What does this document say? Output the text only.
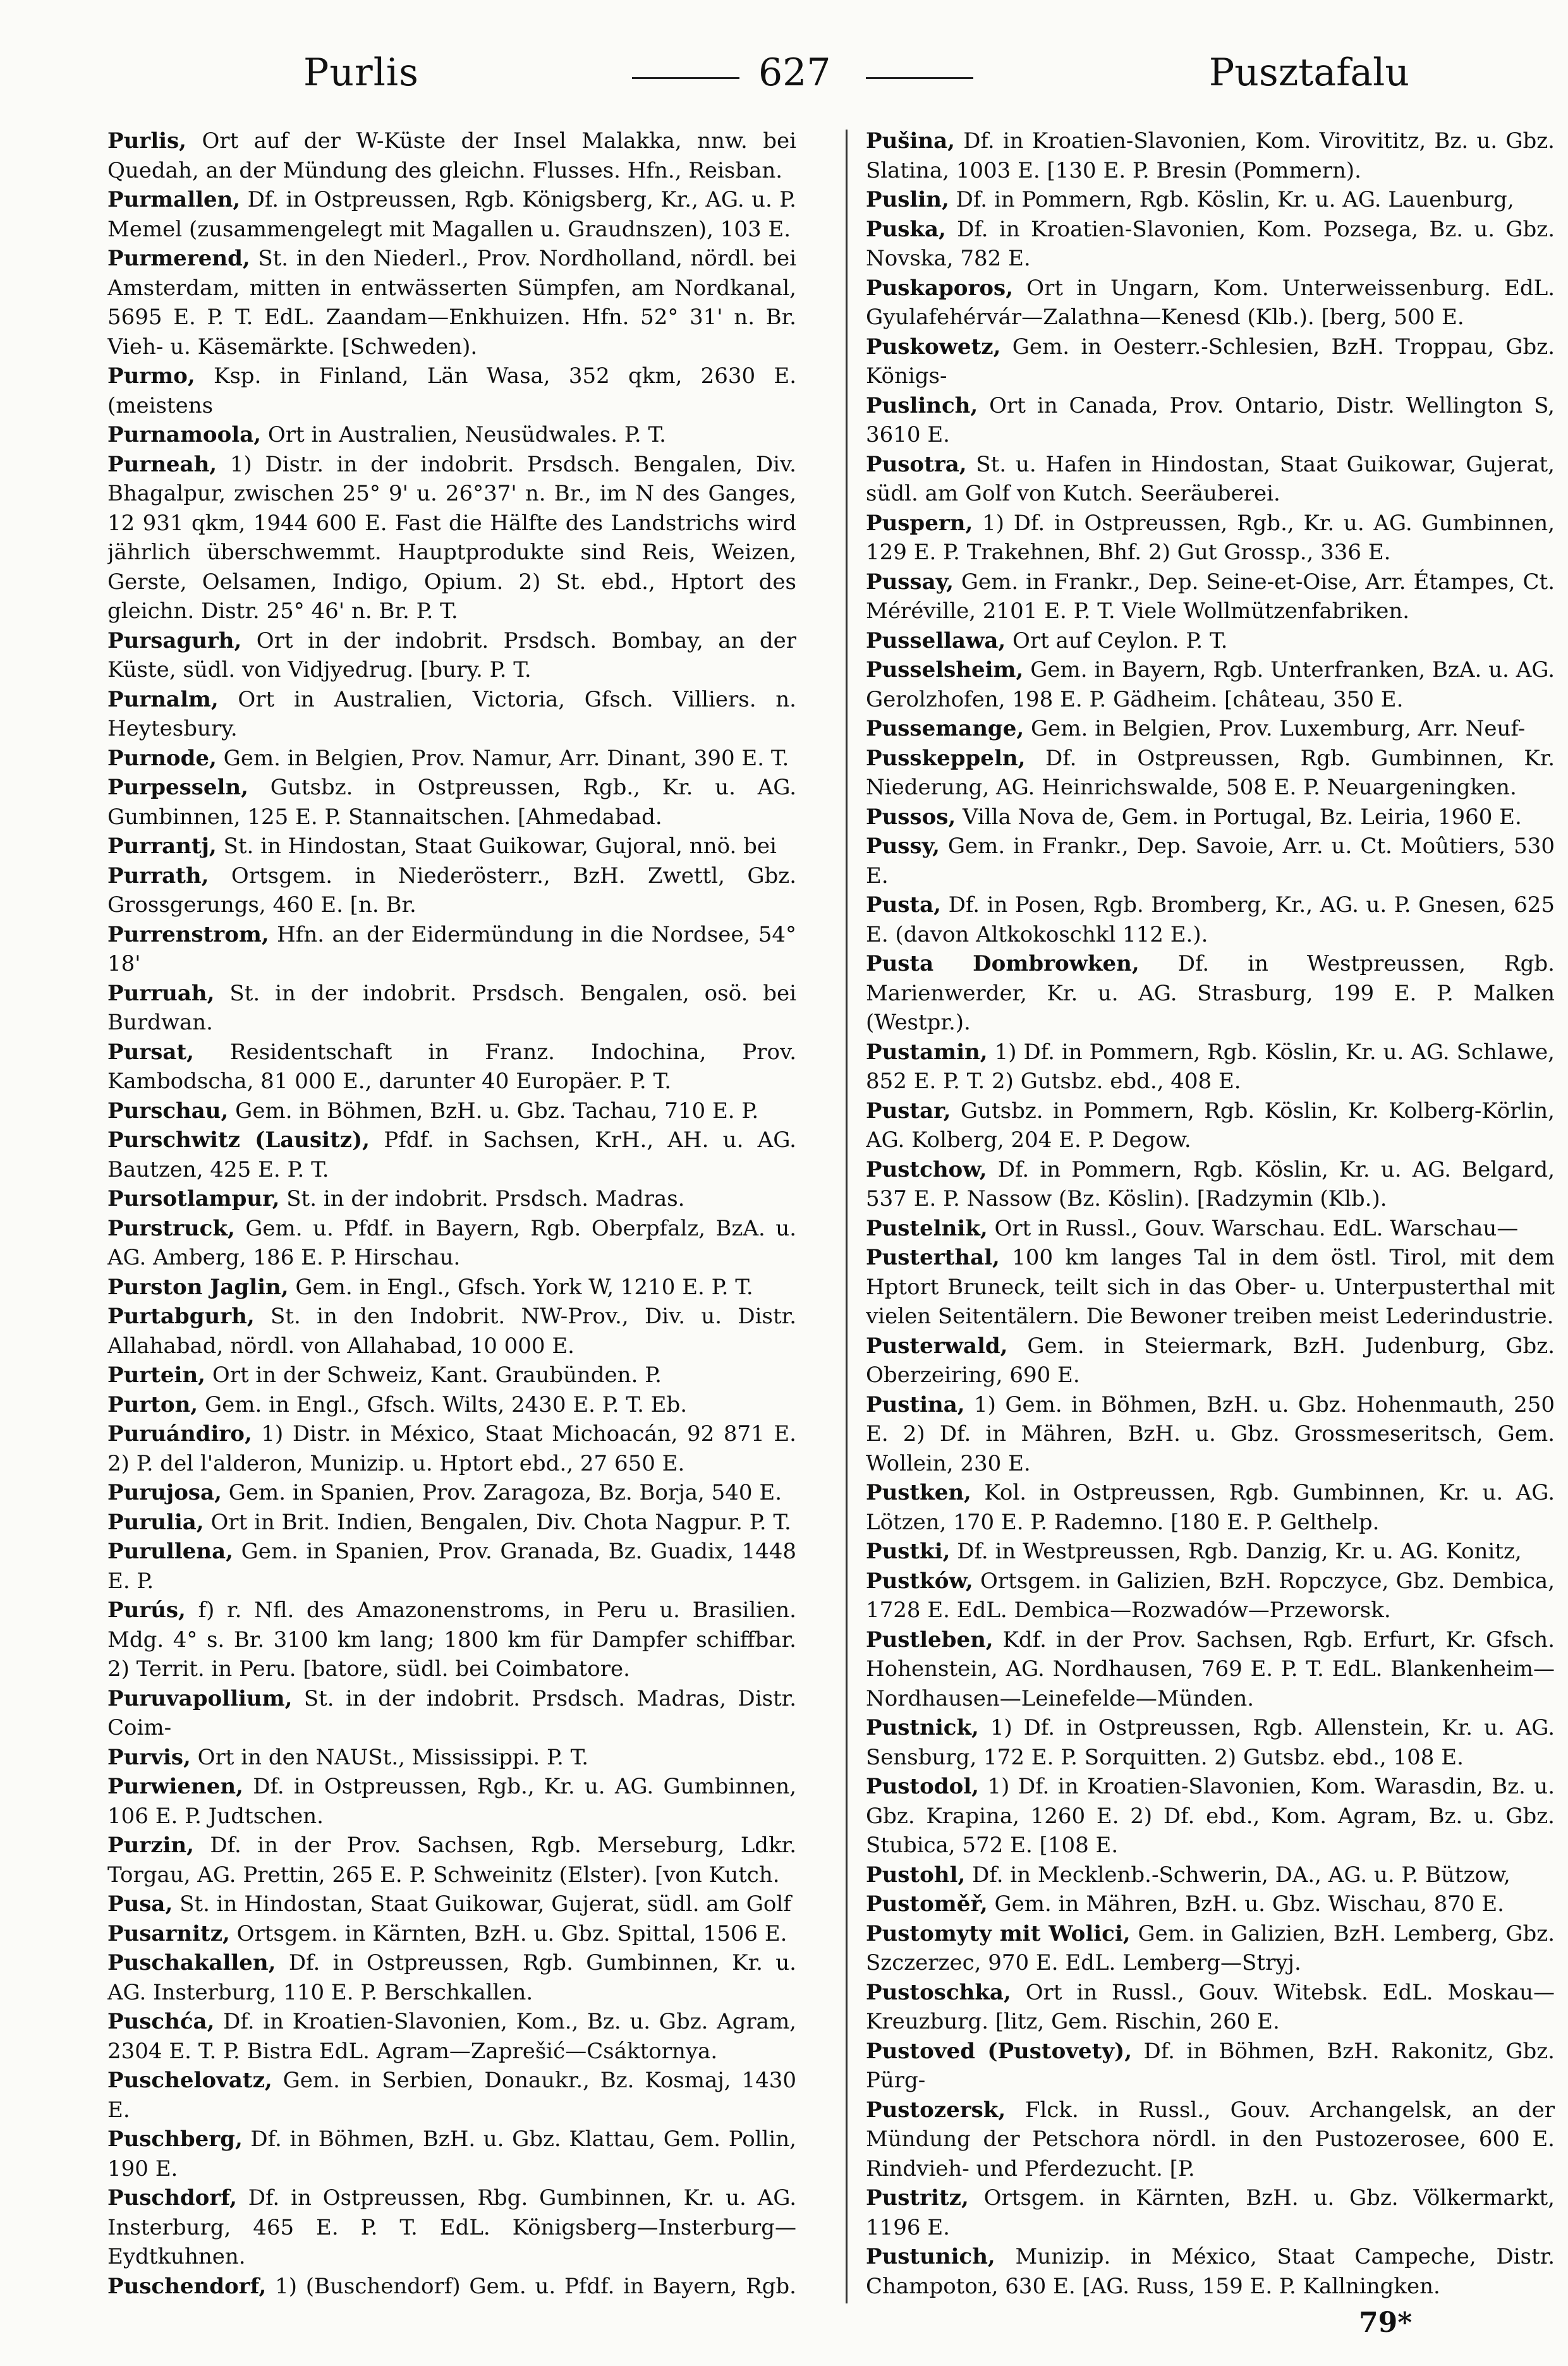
Purlis	627	Pusztafalu

Purlis, Ort auf der W-Küste der Insel Malakka, nnw. bei Quedah, an der Mündung des gleichn. Flusses. Hfn., Reisban.

Purmallen, Df. in Ostpreussen, Rgb. Königsberg, Kr., AG. u. P. Memel (zusammengelegt mit Magallen u. Graudnszen), 103 E.

Purmerend, St. in den Niederl., Prov. Nordholland, nördl. bei Amsterdam, mitten in entwässerten Sümpfen, am Nordkanal, 5695 E. P. T. EdL. Zaandam—Enkhuizen. Hfn. 52° 31' n. Br. Vieh- u. Käsemärkte. [Schweden).

Purmo, Ksp. in Finland, Län Wasa, 352 qkm, 2630 E. (meistens

Purnamoola, Ort in Australien, Neusüdwales. P. T.

Purneah, 1) Distr. in der indobrit. Prsdsch. Bengalen, Div. Bhagalpur, zwischen 25° 9' u. 26°37' n. Br., im N des Ganges, 12 931 qkm, 1944 600 E. Fast die Hälfte des Landstrichs wird jährlich überschwemmt. Hauptprodukte sind Reis, Weizen, Gerste, Oelsamen, Indigo, Opium. 2) St. ebd., Hptort des gleichn. Distr. 25° 46' n. Br. P. T.

Pursagurh, Ort in der indobrit. Prsdsch. Bombay, an der Küste, südl. von Vidjyedrug. [bury. P. T.

Purnalm, Ort in Australien, Victoria, Gfsch. Villiers. n. Heytesbury.

Purnode, Gem. in Belgien, Prov. Namur, Arr. Dinant, 390 E. T.

Purpesseln, Gutsbz. in Ostpreussen, Rgb., Kr. u. AG. Gumbinnen, 125 E. P. Stannaitschen. [Ahmedabad.

Purrantj, St. in Hindostan, Staat Guikowar, Gujoral, nnö. bei

Purrath, Ortsgem. in Niederösterr., BzH. Zwettl, Gbz. Grossgerungs, 460 E. [n. Br.

Purrenstrom, Hfn. an der Eidermündung in die Nordsee, 54° 18'

Purruah, St. in der indobrit. Prsdsch. Bengalen, osö. bei Burdwan.

Pursat, Residentschaft in Franz. Indochina, Prov. Kambodscha, 81 000 E., darunter 40 Europäer. P. T.

Purschau, Gem. in Böhmen, BzH. u. Gbz. Tachau, 710 E. P.

Purschwitz (Lausitz), Pfdf. in Sachsen, KrH., AH. u. AG. Bautzen, 425 E. P. T.

Pursotlampur, St. in der indobrit. Prsdsch. Madras.

Purstruck, Gem. u. Pfdf. in Bayern, Rgb. Oberpfalz, BzA. u. AG. Amberg, 186 E. P. Hirschau.

Purston Jaglin, Gem. in Engl., Gfsch. York W, 1210 E. P. T.

Purtabgurh, St. in den Indobrit. NW-Prov., Div. u. Distr. Allahabad, nördl. von Allahabad, 10 000 E.

Purtein, Ort in der Schweiz, Kant. Graubünden. P.

Purton, Gem. in Engl., Gfsch. Wilts, 2430 E. P. T. Eb.

Puruándiro, 1) Distr. in México, Staat Michoacán, 92 871 E. 2) P. del l'alderon, Munizip. u. Hptort ebd., 27 650 E.

Purujosa, Gem. in Spanien, Prov. Zaragoza, Bz. Borja, 540 E.

Purulia, Ort in Brit. Indien, Bengalen, Div. Chota Nagpur. P. T.

Purullena, Gem. in Spanien, Prov. Granada, Bz. Guadix, 1448 E. P.

Purús, f) r. Nfl. des Amazonenstroms, in Peru u. Brasilien. Mdg. 4° s. Br. 3100 km lang; 1800 km für Dampfer schiffbar. 2) Territ. in Peru. [batore, südl. bei Coimbatore.

Puruvapollium, St. in der indobrit. Prsdsch. Madras, Distr. Coim-

Purvis, Ort in den NAUSt., Mississippi. P. T.

Purwienen, Df. in Ostpreussen, Rgb., Kr. u. AG. Gumbinnen, 106 E. P. Judtschen.

Purzin, Df. in der Prov. Sachsen, Rgb. Merseburg, Ldkr. Torgau, AG. Prettin, 265 E. P. Schweinitz (Elster). [von Kutch.

Pusa, St. in Hindostan, Staat Guikowar, Gujerat, südl. am Golf

Pusarnitz, Ortsgem. in Kärnten, BzH. u. Gbz. Spittal, 1506 E.

Puschakallen, Df. in Ostpreussen, Rgb. Gumbinnen, Kr. u. AG. Insterburg, 110 E. P. Berschkallen.

Puschća, Df. in Kroatien-Slavonien, Kom., Bz. u. Gbz. Agram, 2304 E. T. P. Bistra EdL. Agram—Zaprešić—Csáktornya.

Puschelovatz, Gem. in Serbien, Donaukr., Bz. Kosmaj, 1430 E.

Puschberg, Df. in Böhmen, BzH. u. Gbz. Klattau, Gem. Pollin, 190 E.

Puschdorf, Df. in Ostpreussen, Rbg. Gumbinnen, Kr. u. AG. Insterburg, 465 E. P. T. EdL. Königsberg—Insterburg—Eydtkuhnen.

Puschendorf, 1) (Buschendorf) Gem. u. Pfdf. in Bayern, Rgb.

Pušina, Df. in Kroatien-Slavonien, Kom. Virovititz, Bz. u. Gbz. Slatina, 1003 E. [130 E. P. Bresin (Pommern).

Puslin, Df. in Pommern, Rgb. Köslin, Kr. u. AG. Lauenburg,

Puska, Df. in Kroatien-Slavonien, Kom. Pozsega, Bz. u. Gbz. Novska, 782 E.

Puskaporos, Ort in Ungarn, Kom. Unterweissenburg. EdL. Gyulafehérvár—Zalathna—Kenesd (Klb.). [berg, 500 E.

Puskowetz, Gem. in Oesterr.-Schlesien, BzH. Troppau, Gbz. Königs-

Puslinch, Ort in Canada, Prov. Ontario, Distr. Wellington S, 3610 E.

Pusotra, St. u. Hafen in Hindostan, Staat Guikowar, Gujerat, südl. am Golf von Kutch. Seeräuberei.

Puspern, 1) Df. in Ostpreussen, Rgb., Kr. u. AG. Gumbinnen, 129 E. P. Trakehnen, Bhf. 2) Gut Grossp., 336 E.

Pussay, Gem. in Frankr., Dep. Seine-et-Oise, Arr. Étampes, Ct. Méréville, 2101 E. P. T. Viele Wollmützenfabriken.

Pussellawa, Ort auf Ceylon. P. T.

Pusselsheim, Gem. in Bayern, Rgb. Unterfranken, BzA. u. AG. Gerolzhofen, 198 E. P. Gädheim. [château, 350 E.

Pussemange, Gem. in Belgien, Prov. Luxemburg, Arr. Neuf-

Pusskeppeln, Df. in Ostpreussen, Rgb. Gumbinnen, Kr. Niederung, AG. Heinrichswalde, 508 E. P. Neuargeningken.

Pussos, Villa Nova de, Gem. in Portugal, Bz. Leiria, 1960 E.

Pussy, Gem. in Frankr., Dep. Savoie, Arr. u. Ct. Moûtiers, 530 E.

Pusta, Df. in Posen, Rgb. Bromberg, Kr., AG. u. P. Gnesen, 625 E. (davon Altkokoschkl 112 E.).

Pusta Dombrowken, Df. in Westpreussen, Rgb. Marienwerder, Kr. u. AG. Strasburg, 199 E. P. Malken (Westpr.).

Pustamin, 1) Df. in Pommern, Rgb. Köslin, Kr. u. AG. Schlawe, 852 E. P. T. 2) Gutsbz. ebd., 408 E.

Pustar, Gutsbz. in Pommern, Rgb. Köslin, Kr. Kolberg-Körlin, AG. Kolberg, 204 E. P. Degow.

Pustchow, Df. in Pommern, Rgb. Köslin, Kr. u. AG. Belgard, 537 E. P. Nassow (Bz. Köslin). [Radzymin (Klb.).

Pustelnik, Ort in Russl., Gouv. Warschau. EdL. Warschau—

Pusterthal, 100 km langes Tal in dem östl. Tirol, mit dem Hptort Bruneck, teilt sich in das Ober- u. Unterpusterthal mit vielen Seitentälern. Die Bewoner treiben meist Lederindustrie.

Pusterwald, Gem. in Steiermark, BzH. Judenburg, Gbz. Oberzeiring, 690 E.

Pustina, 1) Gem. in Böhmen, BzH. u. Gbz. Hohenmauth, 250 E. 2) Df. in Mähren, BzH. u. Gbz. Grossmeseritsch, Gem. Wollein, 230 E.

Pustken, Kol. in Ostpreussen, Rgb. Gumbinnen, Kr. u. AG. Lötzen, 170 E. P. Rademno. [180 E. P. Gelthelp.

Pustki, Df. in Westpreussen, Rgb. Danzig, Kr. u. AG. Konitz,

Pustków, Ortsgem. in Galizien, BzH. Ropczyce, Gbz. Dembica, 1728 E. EdL. Dembica—Rozwadów—Przeworsk.

Pustleben, Kdf. in der Prov. Sachsen, Rgb. Erfurt, Kr. Gfsch. Hohenstein, AG. Nordhausen, 769 E. P. T. EdL. Blankenheim—Nordhausen—Leinefelde—Münden.

Pustnick, 1) Df. in Ostpreussen, Rgb. Allenstein, Kr. u. AG. Sensburg, 172 E. P. Sorquitten. 2) Gutsbz. ebd., 108 E.

Pustodol, 1) Df. in Kroatien-Slavonien, Kom. Warasdin, Bz. u. Gbz. Krapina, 1260 E. 2) Df. ebd., Kom. Agram, Bz. u. Gbz. Stubica, 572 E. [108 E.

Pustohl, Df. in Mecklenb.-Schwerin, DA., AG. u. P. Bützow,

Pustoměř, Gem. in Mähren, BzH. u. Gbz. Wischau, 870 E.

Pustomyty mit Wolici, Gem. in Galizien, BzH. Lemberg, Gbz. Szczerzec, 970 E. EdL. Lemberg—Stryj.

Pustoschka, Ort in Russl., Gouv. Witebsk. EdL. Moskau—Kreuzburg. [litz, Gem. Rischin, 260 E.

Pustoved (Pustovety), Df. in Böhmen, BzH. Rakonitz, Gbz. Pürg-

Pustozersk, Flck. in Russl., Gouv. Archangelsk, an der Mündung der Petschora nördl. in den Pustozerosee, 600 E. Rindvieh- und Pferdezucht. [P.

Pustritz, Ortsgem. in Kärnten, BzH. u. Gbz. Völkermarkt, 1196 E.

Pustunich, Munizip. in México, Staat Campeche, Distr. Champoton, 630 E. [AG. Russ, 159 E. P. Kallningken.

79*
